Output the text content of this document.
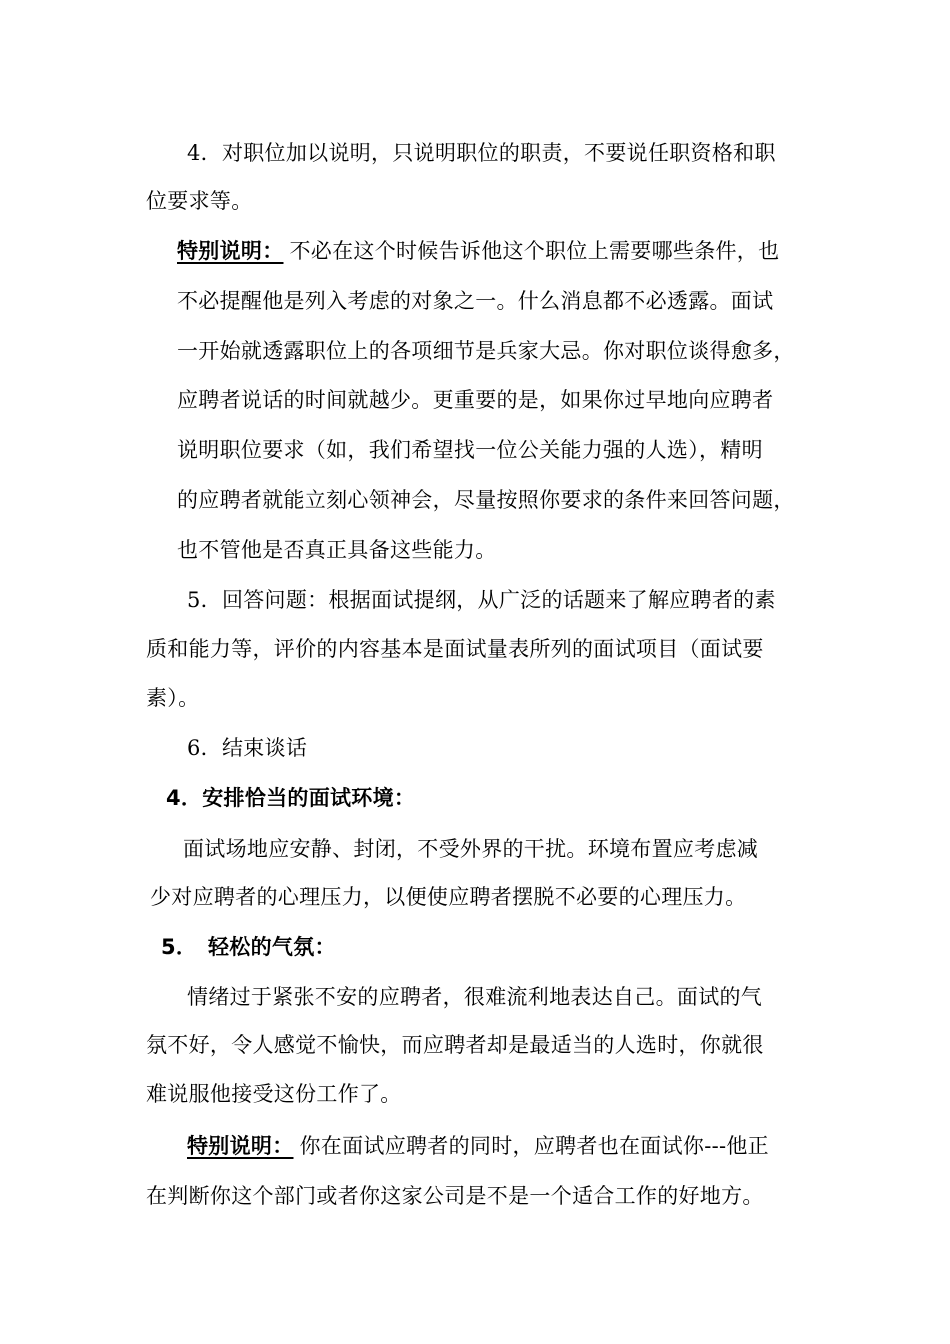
4．对职位加以说明，只说明职位的职责，不要说任职资格和职
位要求等。
特别说明： 不必在这个时候告诉他这个职位上需要哪些条件，也
不必提醒他是列入考虑的对象之一。什么消息都不必透露。面试
一开始就透露职位上的各项细节是兵家大忌。你对职位谈得愈多，
应聘者说话的时间就越少。更重要的是，如果你过早地向应聘者
说明职位要求（如，我们希望找一位公关能力强的人选），精明
的应聘者就能立刻心领神会，尽量按照你要求的条件来回答问题，
也不管他是否真正具备这些能力。
5．回答问题：根据面试提纲，从广泛的话题来了解应聘者的素
质和能力等，评价的内容基本是面试量表所列的面试项目（面试要
素）。
6．结束谈话
4．安排恰当的面试环境：
面试场地应安静、封闭，不受外界的干扰。环境布置应考虑减
少对应聘者的心理压力，以便使应聘者摆脱不必要的心理压力。
5．　轻松的气氛：
情绪过于紧张不安的应聘者，很难流利地表达自己。面试的气
氛不好，令人感觉不愉快，而应聘者却是最适当的人选时，你就很
难说服他接受这份工作了。
特别说明： 你在面试应聘者的同时，应聘者也在面试你---他正
在判断你这个部门或者你这家公司是不是一个适合工作的好地方。
